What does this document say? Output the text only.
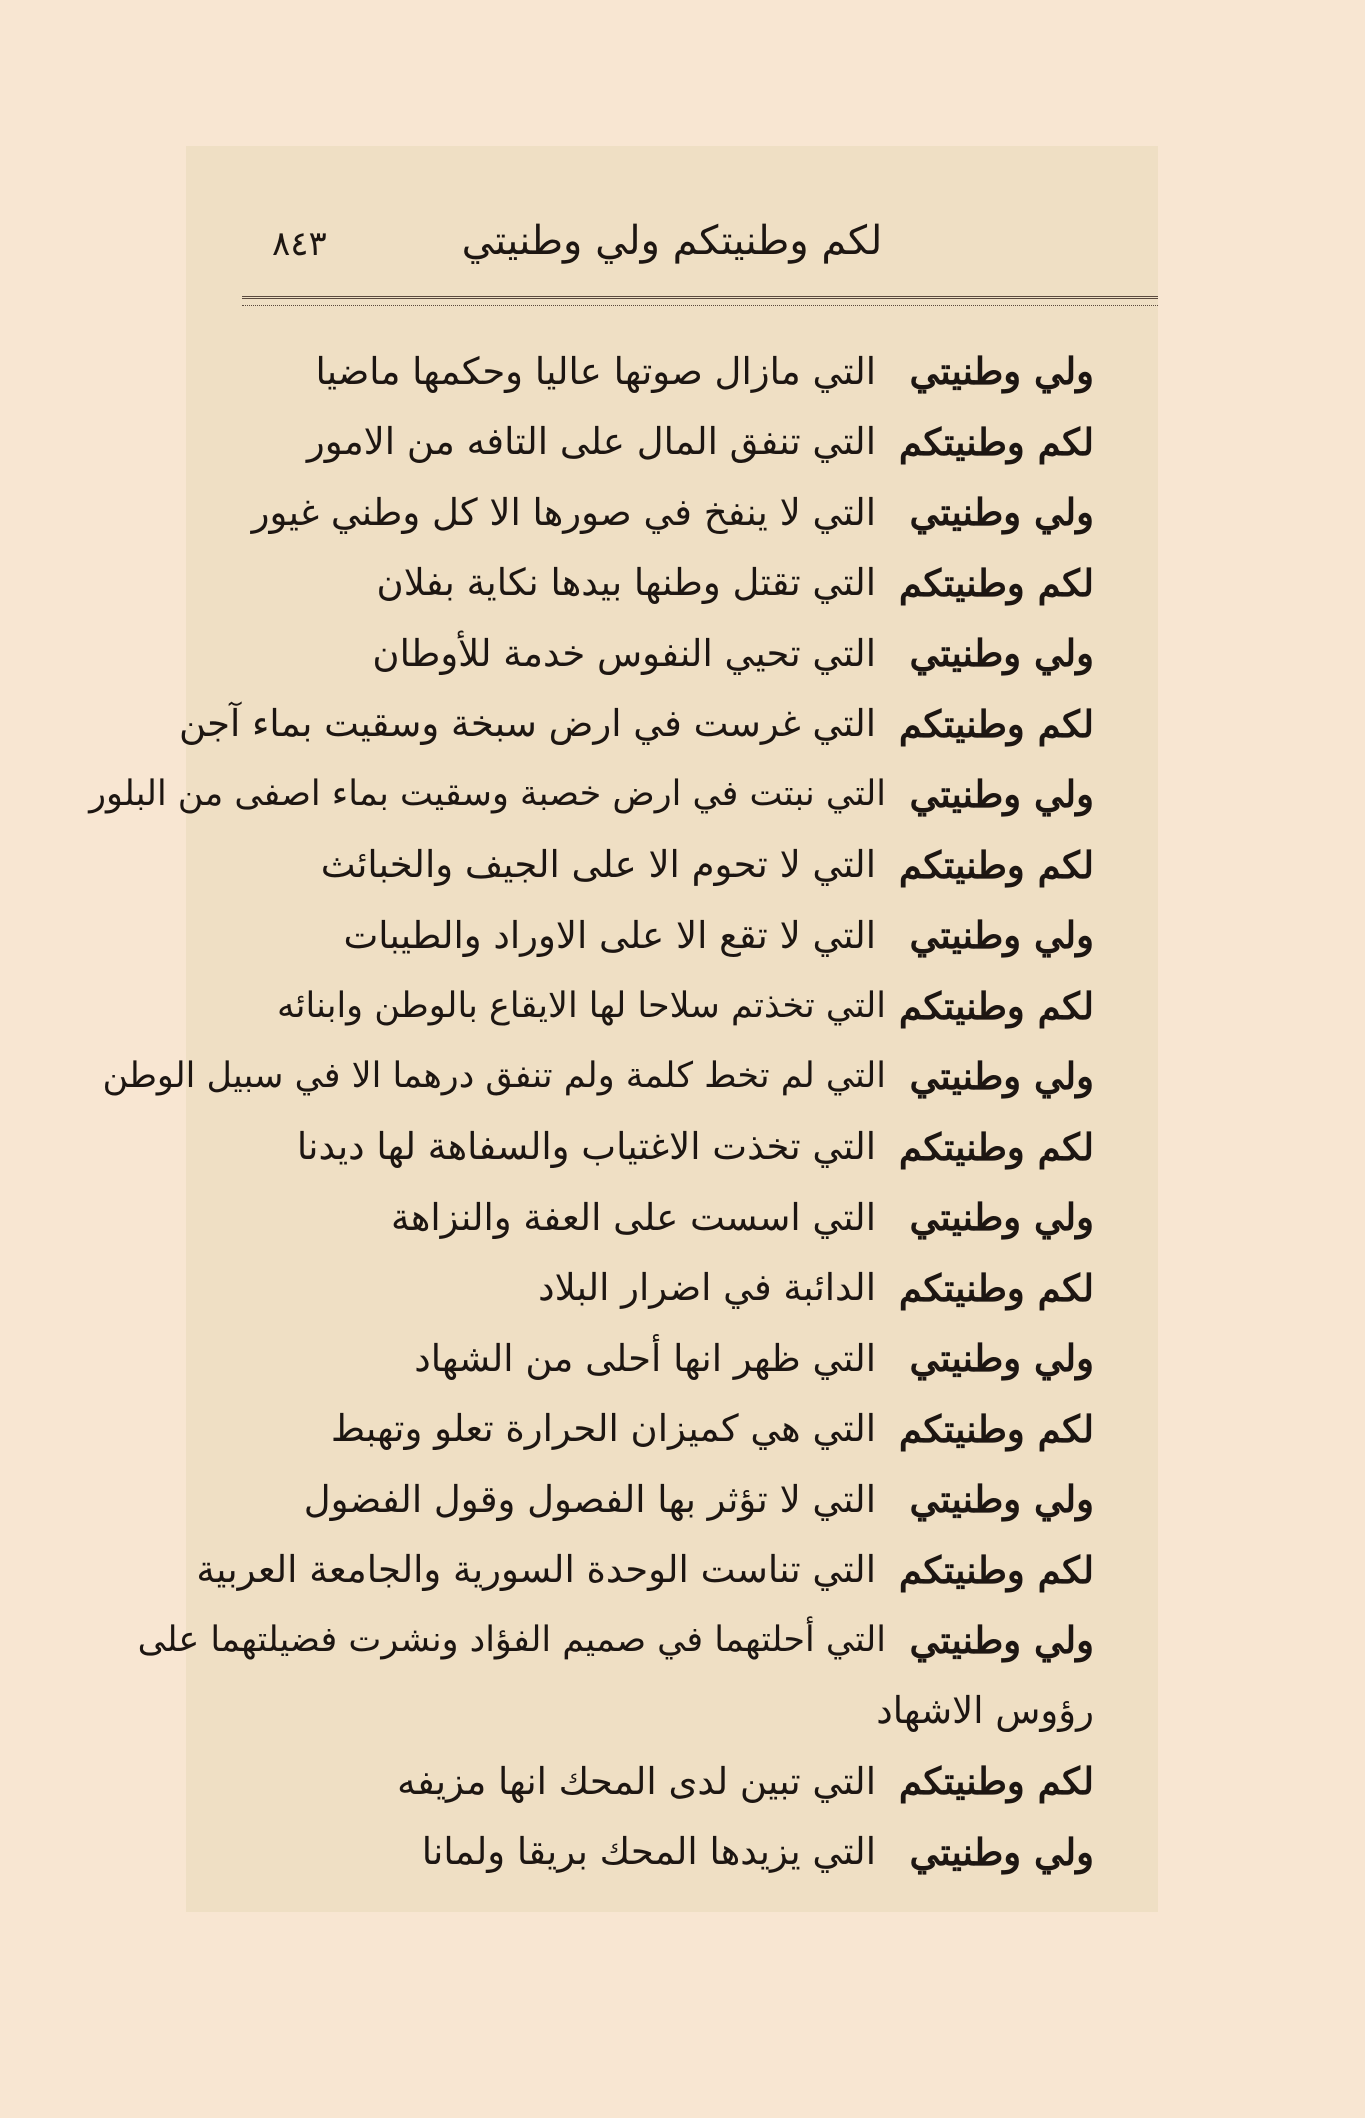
لكم وطنيتكم ولي وطنيتي
٨٤٣
ولي وطنيتي
التي مازال صوتها عاليا وحكمها ماضيا
لكم وطنيتكم
التي تنفق المال على التافه من الامور
ولي وطنيتي
التي لا ينفخ في صورها الا كل وطني غيور
لكم وطنيتكم
التي تقتل وطنها بيدها نكاية بفلان
ولي وطنيتي
التي تحيي النفوس خدمة للأوطان
لكم وطنيتكم
التي غرست في ارض سبخة وسقيت بماء آجن
ولي وطنيتي
التي نبتت في ارض خصبة وسقيت بماء اصفى من البلور
لكم وطنيتكم
التي لا تحوم الا على الجيف والخبائث
ولي وطنيتي
التي لا تقع الا على الاوراد والطيبات
لكم وطنيتكم
التي تخذتم سلاحا لها الايقاع بالوطن وابنائه
ولي وطنيتي
التي لم تخط كلمة ولم تنفق درهما الا في سبيل الوطن
لكم وطنيتكم
التي تخذت الاغتياب والسفاهة لها ديدنا
ولي وطنيتي
التي اسست على العفة والنزاهة
لكم وطنيتكم
الدائبة في اضرار البلاد
ولي وطنيتي
التي ظهر انها أحلى من الشهاد
لكم وطنيتكم
التي هي كميزان الحرارة تعلو وتهبط
ولي وطنيتي
التي لا تؤثر بها الفصول وقول الفضول
لكم وطنيتكم
التي تناست الوحدة السورية والجامعة العربية
ولي وطنيتي
التي أحلتهما في صميم الفؤاد ونشرت فضيلتهما على
رؤوس الاشهاد
لكم وطنيتكم
التي تبين لدى المحك انها مزيفه
ولي وطنيتي
التي يزيدها المحك بريقا ولمانا
